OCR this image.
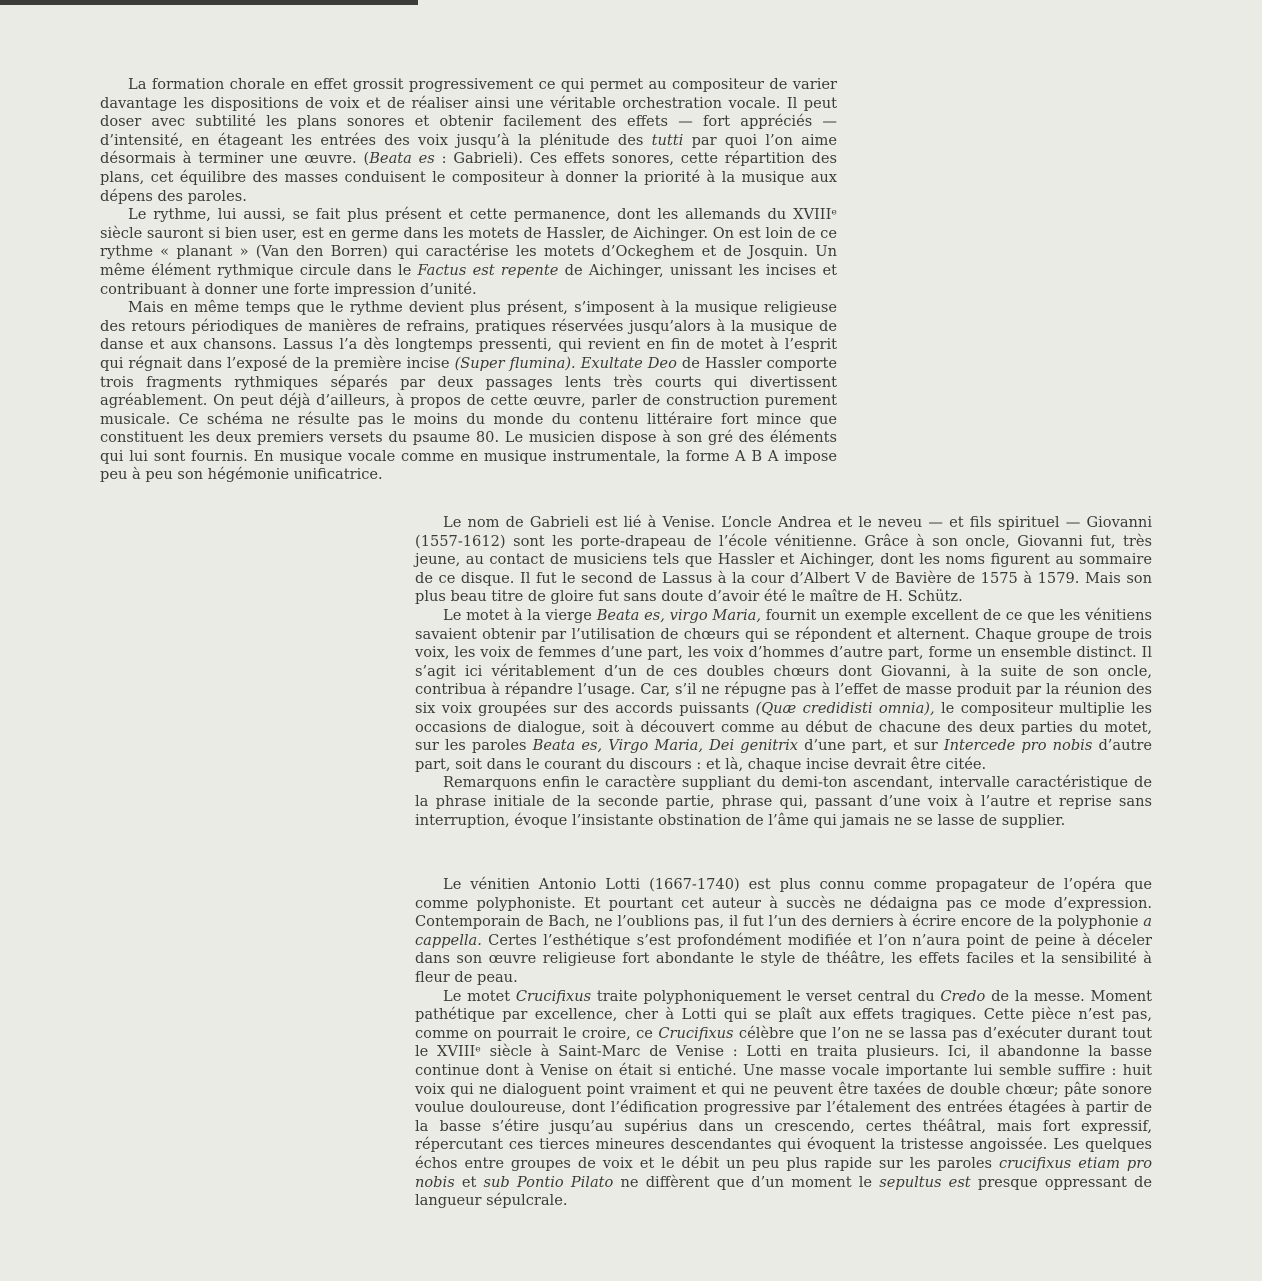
La formation chorale en effet grossit progressivement ce qui permet au compositeur de varier davantage les dispositions de voix et de réaliser ainsi une véritable orchestration vocale. Il peut doser avec subtilité les plans sonores et obtenir facilement des effets — fort appréciés — d’intensité, en étageant les entrées des voix jusqu’à la plénitude des tutti par quoi l’on aime désormais à terminer une œuvre. (Beata es : Gabrieli). Ces effets sonores, cette répartition des plans, cet équilibre des masses conduisent le compositeur à donner la priorité à la musique aux dépens des paroles.

Le rythme, lui aussi, se fait plus présent et cette permanence, dont les allemands du XVIIIᵉ siècle sauront si bien user, est en germe dans les motets de Hassler, de Aichinger. On est loin de ce rythme « planant » (Van den Borren) qui caractérise les motets d’Ockeghem et de Josquin. Un même élément rythmique circule dans le Factus est repente de Aichinger, unissant les incises et contribuant à donner une forte impression d’unité.

Mais en même temps que le rythme devient plus présent, s’imposent à la musique religieuse des retours périodiques de manières de refrains, pratiques réservées jusqu’alors à la musique de danse et aux chansons. Lassus l’a dès longtemps pressenti, qui revient en fin de motet à l’esprit qui régnait dans l’exposé de la première incise (Super flumina). Exultate Deo de Hassler comporte trois fragments rythmiques séparés par deux passages lents très courts qui divertissent agréablement. On peut déjà d’ailleurs, à propos de cette œuvre, parler de construction purement musicale. Ce schéma ne résulte pas le moins du monde du contenu littéraire fort mince que constituent les deux premiers versets du psaume 80. Le musicien dispose à son gré des éléments qui lui sont fournis. En musique vocale comme en musique instrumentale, la forme A B A impose peu à peu son hégémonie unificatrice.

Le nom de Gabrieli est lié à Venise. L’oncle Andrea et le neveu — et fils spirituel — Giovanni (1557-1612) sont les porte-drapeau de l’école vénitienne. Grâce à son oncle, Giovanni fut, très jeune, au contact de musiciens tels que Hassler et Aichinger, dont les noms figurent au sommaire de ce disque. Il fut le second de Lassus à la cour d’Albert V de Bavière de 1575 à 1579. Mais son plus beau titre de gloire fut sans doute d’avoir été le maître de H. Schütz.

Le motet à la vierge Beata es, virgo Maria, fournit un exemple excellent de ce que les vénitiens savaient obtenir par l’utilisation de chœurs qui se répondent et alternent. Chaque groupe de trois voix, les voix de femmes d’une part, les voix d’hommes d’autre part, forme un ensemble distinct. Il s’agit ici véritablement d’un de ces doubles chœurs dont Giovanni, à la suite de son oncle, contribua à répandre l’usage. Car, s’il ne répugne pas à l’effet de masse produit par la réunion des six voix groupées sur des accords puissants (Quæ credidisti omnia), le compositeur multiplie les occasions de dialogue, soit à découvert comme au début de chacune des deux parties du motet, sur les paroles Beata es, Virgo Maria, Dei genitrix d’une part, et sur Intercede pro nobis d’autre part, soit dans le courant du discours : et là, chaque incise devrait être citée.

Remarquons enfin le caractère suppliant du demi-ton ascendant, intervalle caractéristique de la phrase initiale de la seconde partie, phrase qui, passant d’une voix à l’autre et reprise sans interruption, évoque l’insistante obstination de l’âme qui jamais ne se lasse de supplier.

Le vénitien Antonio Lotti (1667-1740) est plus connu comme propagateur de l’opéra que comme polyphoniste. Et pourtant cet auteur à succès ne dédaigna pas ce mode d’expression. Contemporain de Bach, ne l’oublions pas, il fut l’un des derniers à écrire encore de la polyphonie a cappella. Certes l’esthétique s’est profondément modifiée et l’on n’aura point de peine à déceler dans son œuvre religieuse fort abondante le style de théâtre, les effets faciles et la sensibilité à fleur de peau.

Le motet Crucifixus traite polyphoniquement le verset central du Credo de la messe. Moment pathétique par excellence, cher à Lotti qui se plaît aux effets tragiques. Cette pièce n’est pas, comme on pourrait le croire, ce Crucifixus célèbre que l’on ne se lassa pas d’exécuter durant tout le XVIIIᵉ siècle à Saint-Marc de Venise : Lotti en traita plusieurs. Ici, il abandonne la basse continue dont à Venise on était si entiché. Une masse vocale importante lui semble suffire : huit voix qui ne dialoguent point vraiment et qui ne peuvent être taxées de double chœur; pâte sonore voulue douloureuse, dont l’édification progressive par l’étalement des entrées étagées à partir de la basse s’étire jusqu’au supérius dans un crescendo, certes théâtral, mais fort expressif, répercutant ces tierces mineures descendantes qui évoquent la tristesse angoissée. Les quelques échos entre groupes de voix et le débit un peu plus rapide sur les paroles crucifixus etiam pro nobis et sub Pontio Pilato ne diffèrent que d’un moment le sepultus est presque oppressant de langueur sépulcrale.
